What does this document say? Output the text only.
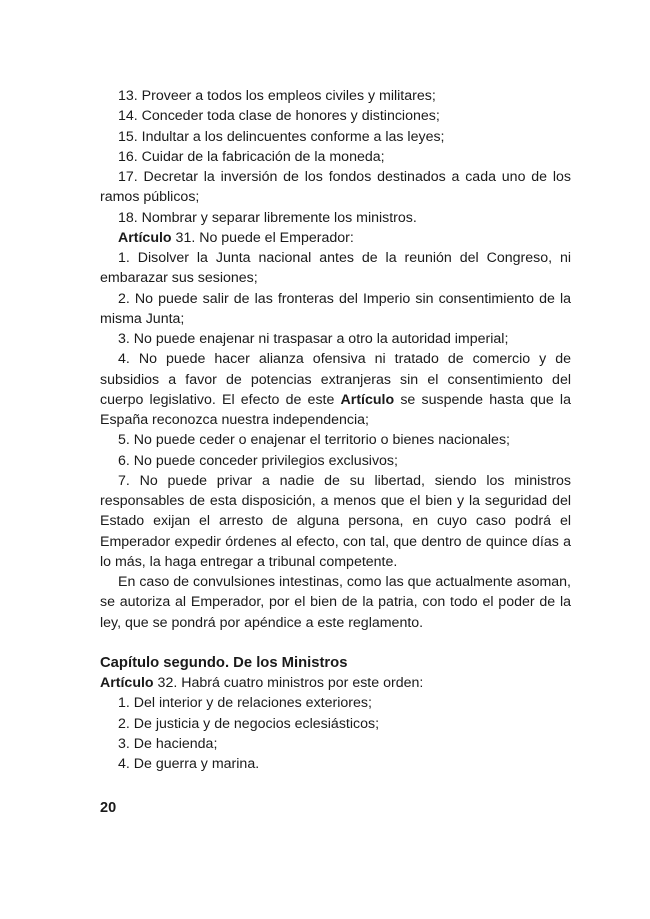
13. Proveer a todos los empleos civiles y militares;

14. Conceder toda clase de honores y distinciones;

15. Indultar a los delincuentes conforme a las leyes;

16. Cuidar de la fabricación de la moneda;

17. Decretar la inversión de los fondos destinados a cada uno de los ramos públicos;

18. Nombrar y separar libremente los ministros.

Artículo 31. No puede el Emperador:

1. Disolver la Junta nacional antes de la reunión del Congreso, ni embarazar sus sesiones;

2. No puede salir de las fronteras del Imperio sin consentimiento de la misma Junta;

3. No puede enajenar ni traspasar a otro la autoridad imperial;

4. No puede hacer alianza ofensiva ni tratado de comercio y de subsidios a favor de potencias extranjeras sin el consentimiento del cuerpo legislativo. El efecto de este Artículo se suspende hasta que la España reconozca nuestra independencia;

5. No puede ceder o enajenar el territorio o bienes nacionales;

6. No puede conceder privilegios exclusivos;

7. No puede privar a nadie de su libertad, siendo los ministros responsables de esta disposición, a menos que el bien y la seguridad del Estado exijan el arresto de alguna persona, en cuyo caso podrá el Emperador expedir órdenes al efecto, con tal, que dentro de quince días a lo más, la haga entregar a tribunal competente.

En caso de convulsiones intestinas, como las que actualmente asoman, se autoriza al Emperador, por el bien de la patria, con todo el poder de la ley, que se pondrá por apéndice a este reglamento.

Capítulo segundo. De los Ministros

Artículo 32. Habrá cuatro ministros por este orden:

1. Del interior y de relaciones exteriores;

2. De justicia y de negocios eclesiásticos;

3. De hacienda;

4. De guerra y marina.

20
